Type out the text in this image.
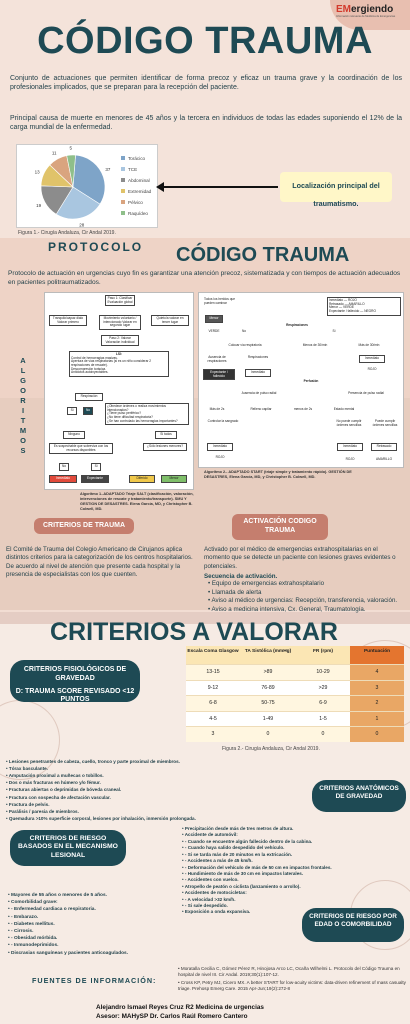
EMergiendo
Información relevante de Medicina de Emergencias
CÓDIGO TRAUMA
Conjunto de actuaciones que permiten identificar de forma precoz y eficaz un trauma grave y la coordinación de los profesionales implicados, que se preparan para la recepción del paciente.
Principal causa de muerte en menores de 45 años y la tercera en individuos de todas las edades suponiendo el 12% de la carga mundial de la enfermedad.
37
28
19
13
11
5
Torácico
TCE
Abdominal
Extremidad
Pélvico
Raquídeo
Figura 1.- Cirugía Andaluza, Cir Andal 2019.
Localización principal del traumatismo.
PROTOCOLO CÓDIGO TRAUMA
Protocolo de actuación en urgencias cuyo fin es garantizar una atención precoz, sistematizada y con tiempos de actuación adecuados en pacientes politraumatizados.
ALGORITMOS
Paso 1: Clasificar Evaluación global
Tranquilo/capaz dialo Valorar primero
Movimiento voluntario / intencionado Valorar en segundo lugar
Quieto/a valorar en tercer lugar
Paso 2: Valorar Valoración individual
LSI:
Control de hemorragias masivas.
Apertura de vías respiratorias (si es un niño considerar 2 respiraciones de rescate).
Descompresión torácica.
Antídotos autoinyectables.
Respiración
Si	No
¿Obedece órdenes o realiza movimientos intencionados?
¿Tiene pulso periférico?
¿No tiene dificultad respiratoria?
¿Se han controlado las hemorragias importantes?
Ninguno	Si todos
Es sospechable que sobreviva con los recursos disponibles
¿Sólo lesiones menores?
No	Si
Inmediato	Expectante	Diferido	Menor
Algoritmo 1.-ADAPTADO Triaje SALT (clasificación, valoración, intervenciones de rescate y tratamiento/transporte). SMU Y GESTION DE DESASTRES. Elena García, MD, y Christopher B. Colwell, MD.
Inmediato — ROJO
Retrasado — AMARILLO
Menor — VERDE
Expectante / fallecido — NEGRO
Todos los heridos que pueden caminar
Menor
Respiraciones
VERDE	No	Sí
Colocar vía respiratoria	Menos de 30/min	Más de 30/min
Ausencia de respiraciones
Respiraciones
Expectante / fallecido
Inmediato
Inmediato
ROJO
Perfusión
Ausencia de pulso radial	Presencia de pulso radial
Más de 2s	Relleno capilar	menos de 2s	Estado mental
Controlar la sangrado	No puede cumplir órdenes sencillas
Puede cumplir órdenes sencillas
Inmediato	Inmediato	Retrasado
ROJO	ROJO	AMARILLO
Algoritmo 2.- ADAPTADO START (triaje simple y tratamiento rápido). GESTIÓN DE DESASTRES, Elena García, MD, y Christopher B. Colwell, MD.
CRITERIOS DE TRAUMA
El Comité de Trauma del Colegio Americano de Cirujanos aplica distintos criterios para la categorización de los centros hospitalarios. De acuerdo al nivel de atención que presente cada hospital y la presencia de especialistas con los que cuenten.
ACTIVACIÓN CODIGO TRAUMA
Activado por el médico de emergencias extrahospitalarias en el momento que se detecte un paciente con lesiones graves evidentes o potenciales.
Secuencia de activación.
• Equipo de emergencias extrahospitalario
• Llamada de alerta
• Aviso al médico de urgencias: Recepción, transferencia, valoración.
• Aviso a medicina intensiva, Cx. General, Traumatología.
CRITERIOS A VALORAR
CRITERIOS FISIOLÓGICOS DE GRAVEDAD
D: TRAUMA SCORE REVISADO <12 PUNTOS
Escala Coma Glasgow	TA Sistólica (mmHg)	FR (rpm)	Puntuación
13-15	>89	10-29	4
9-12	76-89	>29	3
6-8	50-75	6-9	2
4-5	1-49	1-5	1
3	0	0	0
Figura 2.- Cirugía Andaluza, Cir Andal 2019.
• Lesiones penetrantes de cabeza, cuello, tronco y parte proximal de miembros.
• Tórax basculante.
• Amputación proximal a muñecas o tobillos.
• Dos o más fracturas en húmero y/o fémur.
• Fracturas abiertas o deprimidas de bóveda craneal.
• Fractura con sospecha de afectación vascular.
• Fractura de pelvis.
• Parálisis / paresia de miembros.
• Quemadura >10% superficie corporal, lesiones por inhalación, inmersión prolongada.
CRITERIOS ANATÓMICOS DE GRAVEDAD
CRITERIOS DE RIESGO BASADOS EN EL MECANISMO LESIONAL
• Precipitación desde más de tres metros de altura.
• Accidente de automóvil:
• - Cuando se encuentre algún fallecido dentro de la cabina.
• - Cuando haya salido despedido del vehículo.
• - Si se tarda más de 20 minutos en la extricación.
• - Accidentes a más de 45 km/h.
• - Deformación del vehículo de más de 50 cm en impactos frontales.
• - Hundimiento de más de 30 cm en impactos laterales.
• - Accidentes con vuelco.
• Atropello de peatón o ciclista (lanzamiento o arrollo).
• Accidentes de motocicletas:
• - A velocidad >32 km/h.
• - Si sale despedido.
• Exposición a onda expansiva.
• Mayores de 55 años o menores de 5 años.
• Comorbilidad grave:
• - Enfermedad cardiaca o respiratoria.
• - Embarazo.
• - Diabetes mellitus.
• - Cirrosis.
• - Obesidad mórbida.
• - Inmunodeprimidos.
• Discrasias sanguíneas y pacientes anticoagulados.
CRITERIOS DE RIESGO POR EDAD O COMORBILIDAD
FUENTES DE INFORMACIÓN:
• Moratalla Cecilia C, Gómez Pérez R, Hinojosa Arco LC, Ocaña Wilhelmi L. Protocolo del Código Trauma en hospital de nivel III. Cir Andal. 2019;30(1):107-12.
• Cross KP, Petry MJ, Cicero MX. A better START for low-acuity victims: data-driven refinement of mass casualty triage. Prehosp Emerg Care. 2015 Apr-Jun;19(2):272-8
Alejandro Ismael Reyes Cruz R2 Medicina de urgencias
Asesor: MAHySP Dr. Carlos Raúl Romero Cantero
